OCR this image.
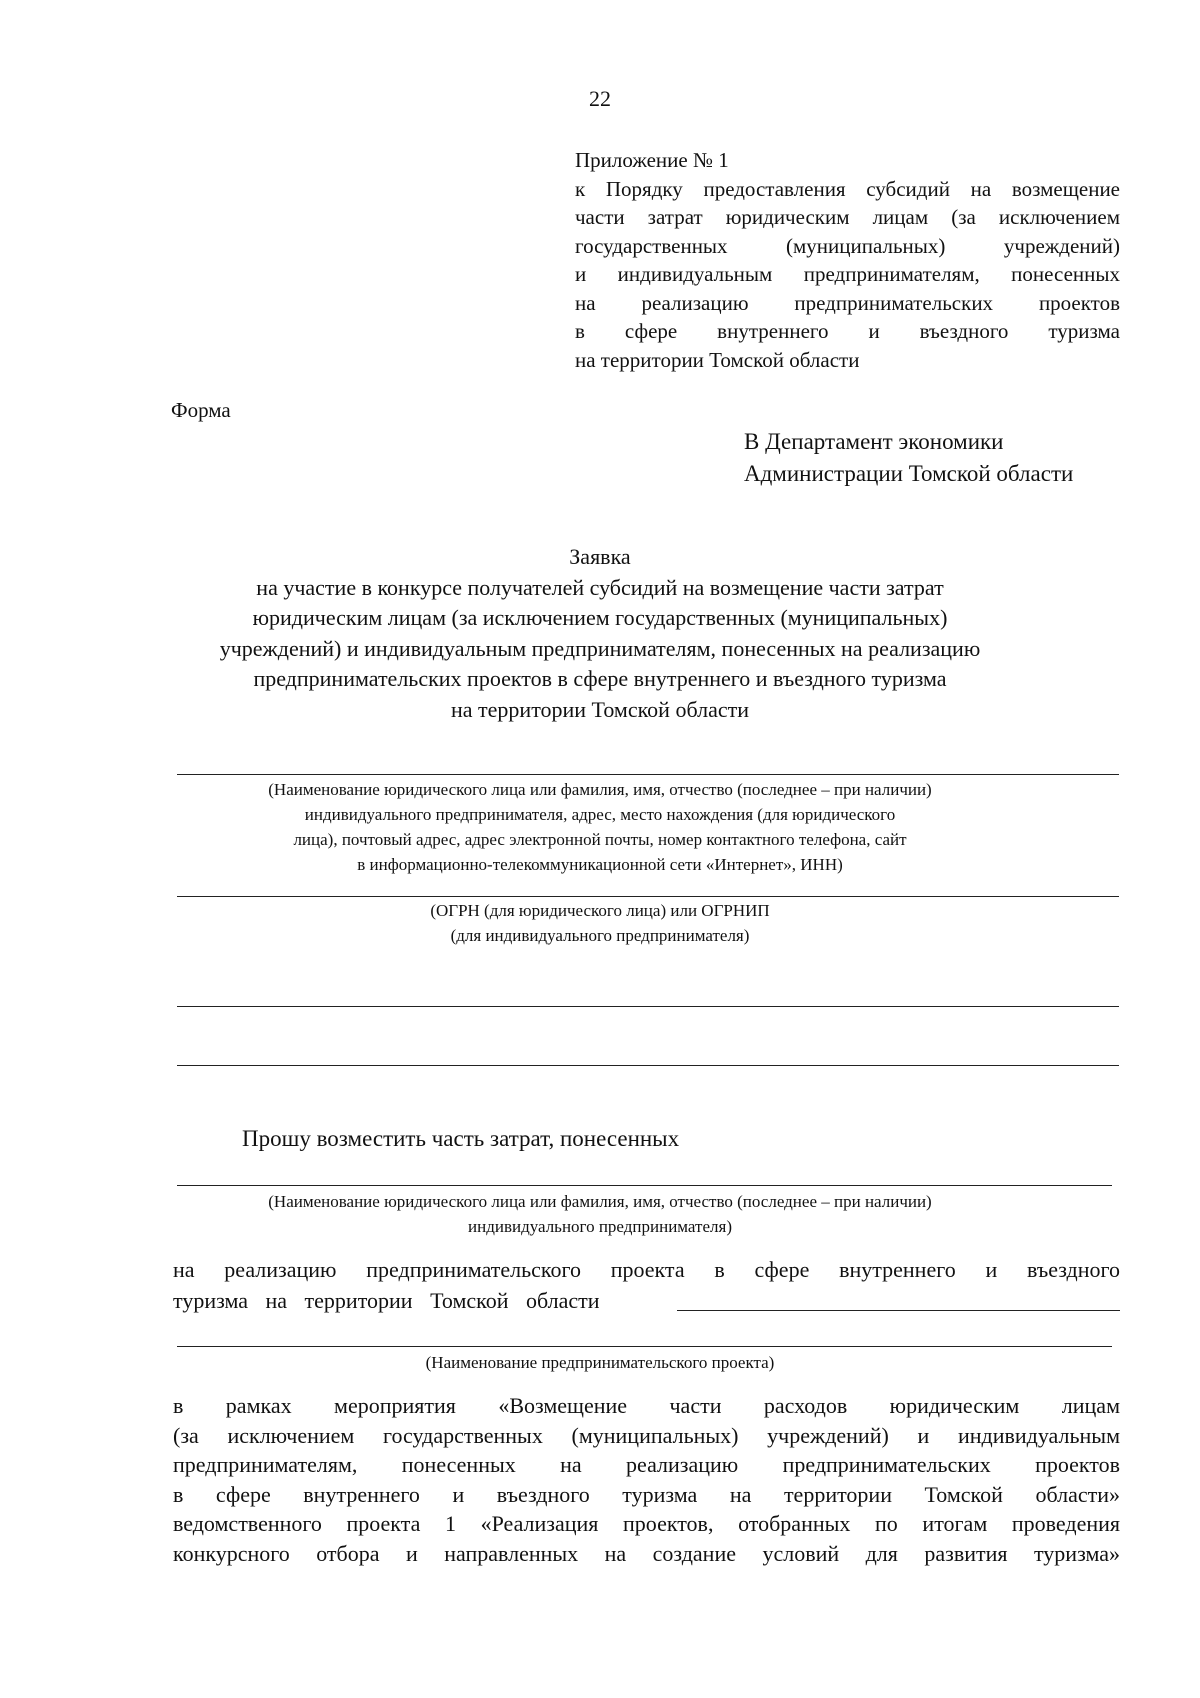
22
Приложение № 1
к Порядку предоставления субсидий на возмещение
части затрат юридическим лицам (за исключением
государственных (муниципальных) учреждений)
и индивидуальным предпринимателям, понесенных
на реализацию предпринимательских проектов
в сфере внутреннего и въездного туризма
на территории Томской области
Форма
В Департамент экономики
Администрации Томской области
Заявка
на участие в конкурсе получателей субсидий на возмещение части затрат
юридическим лицам (за исключением государственных (муниципальных)
учреждений) и индивидуальным предпринимателям, понесенных на реализацию
предпринимательских проектов в сфере внутреннего и въездного туризма
на территории Томской области
(Наименование юридического лица или фамилия, имя, отчество (последнее – при наличии)
индивидуального предпринимателя, адрес, место нахождения (для юридического
лица), почтовый адрес, адрес электронной почты, номер контактного телефона, сайт
в информационно-телекоммуникационной сети «Интернет», ИНН)
(ОГРН (для юридического лица) или ОГРНИП
(для индивидуального предпринимателя)
Прошу возместить часть затрат, понесенных
(Наименование юридического лица или фамилия, имя, отчество (последнее – при наличии)
индивидуального предпринимателя)
на реализацию предпринимательского проекта в сфере внутреннего и въездного
туризма на территории Томской области
(Наименование предпринимательского проекта)
в рамках мероприятия «Возмещение части расходов юридическим лицам
(за исключением государственных (муниципальных) учреждений) и индивидуальным
предпринимателям, понесенных на реализацию предпринимательских проектов
в сфере внутреннего и въездного туризма на территории Томской области»
ведомственного проекта 1 «Реализация проектов, отобранных по итогам проведения
конкурсного отбора и направленных на создание условий для развития туризма»
